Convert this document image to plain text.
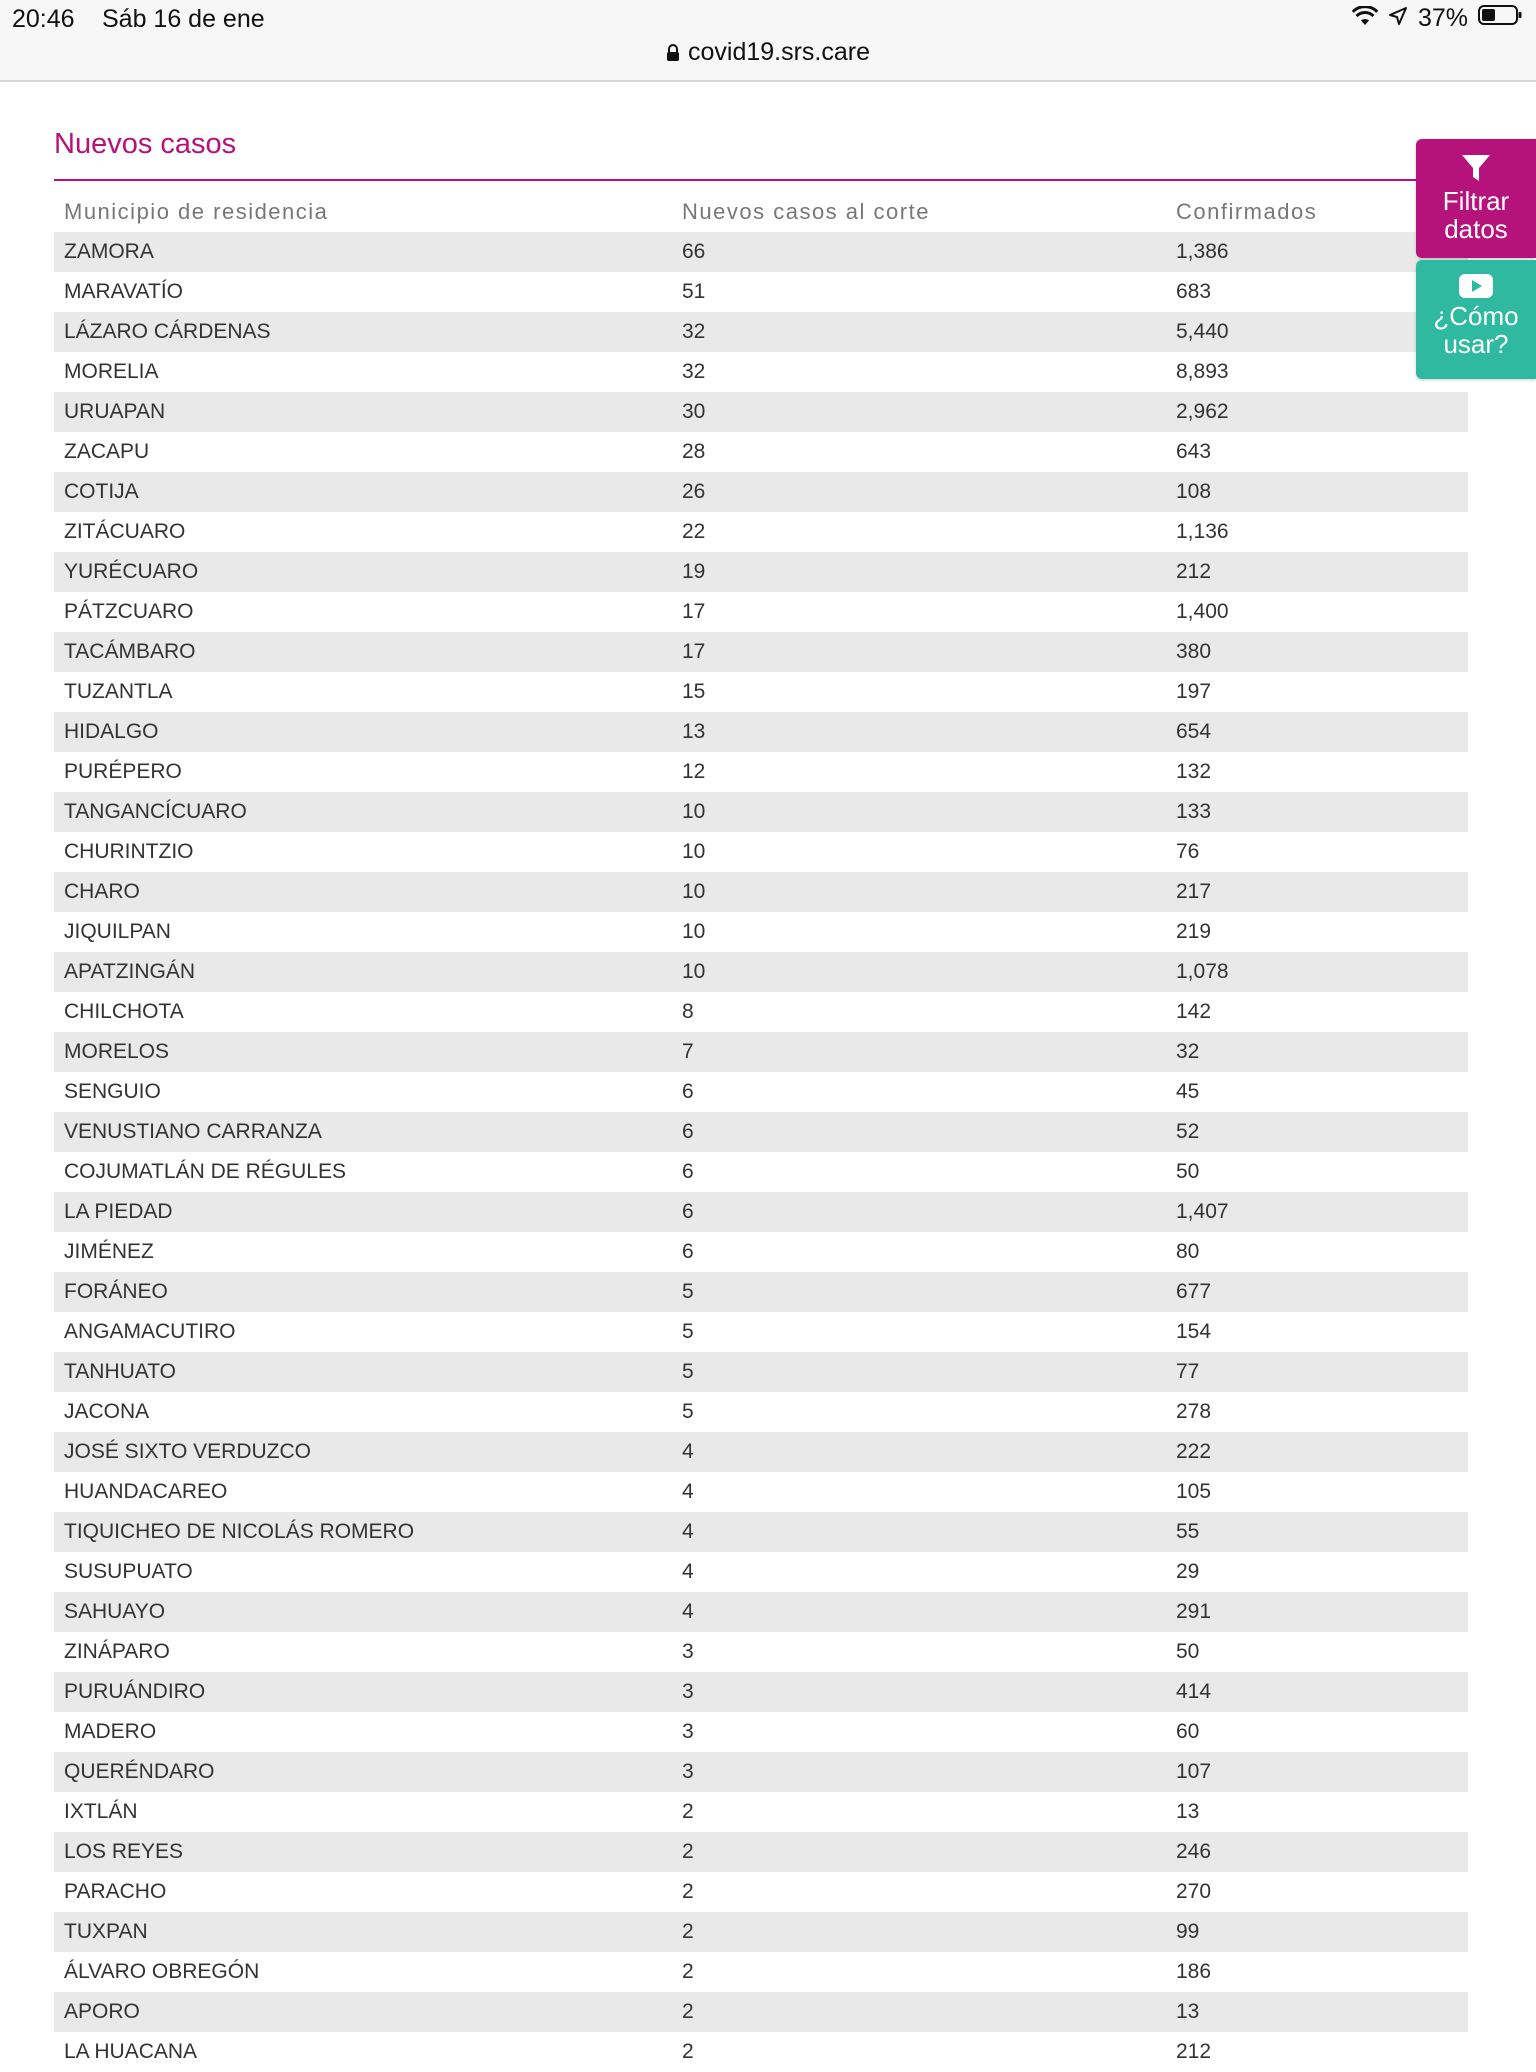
20:46 Sáb 16 de ene	37%
covid19.srs.care
Nuevos casos
Municipio de residencia	Nuevos casos al corte	Confirmados
ZAMORA	66	1,386
MARAVATÍO	51	683
LÁZARO CÁRDENAS	32	5,440
MORELIA	32	8,893
URUAPAN	30	2,962
ZACAPU	28	643
COTIJA	26	108
ZITÁCUARO	22	1,136
YURÉCUARO	19	212
PÁTZCUARO	17	1,400
TACÁMBARO	17	380
TUZANTLA	15	197
HIDALGO	13	654
PURÉPERO	12	132
TANGANCÍCUARO	10	133
CHURINTZIO	10	76
CHARO	10	217
JIQUILPAN	10	219
APATZINGÁN	10	1,078
CHILCHOTA	8	142
MORELOS	7	32
SENGUIO	6	45
VENUSTIANO CARRANZA	6	52
COJUMATLÁN DE RÉGULES	6	50
LA PIEDAD	6	1,407
JIMÉNEZ	6	80
FORÁNEO	5	677
ANGAMACUTIRO	5	154
TANHUATO	5	77
JACONA	5	278
JOSÉ SIXTO VERDUZCO	4	222
HUANDACAREO	4	105
TIQUICHEO DE NICOLÁS ROMERO	4	55
SUSUPUATO	4	29
SAHUAYO	4	291
ZINÁPARO	3	50
PURUÁNDIRO	3	414
MADERO	3	60
QUERÉNDARO	3	107
IXTLÁN	2	13
LOS REYES	2	246
PARACHO	2	270
TUXPAN	2	99
ÁLVARO OBREGÓN	2	186
APORO	2	13
LA HUACANA	2	212
Filtrar
datos
¿Cómo
usar?
